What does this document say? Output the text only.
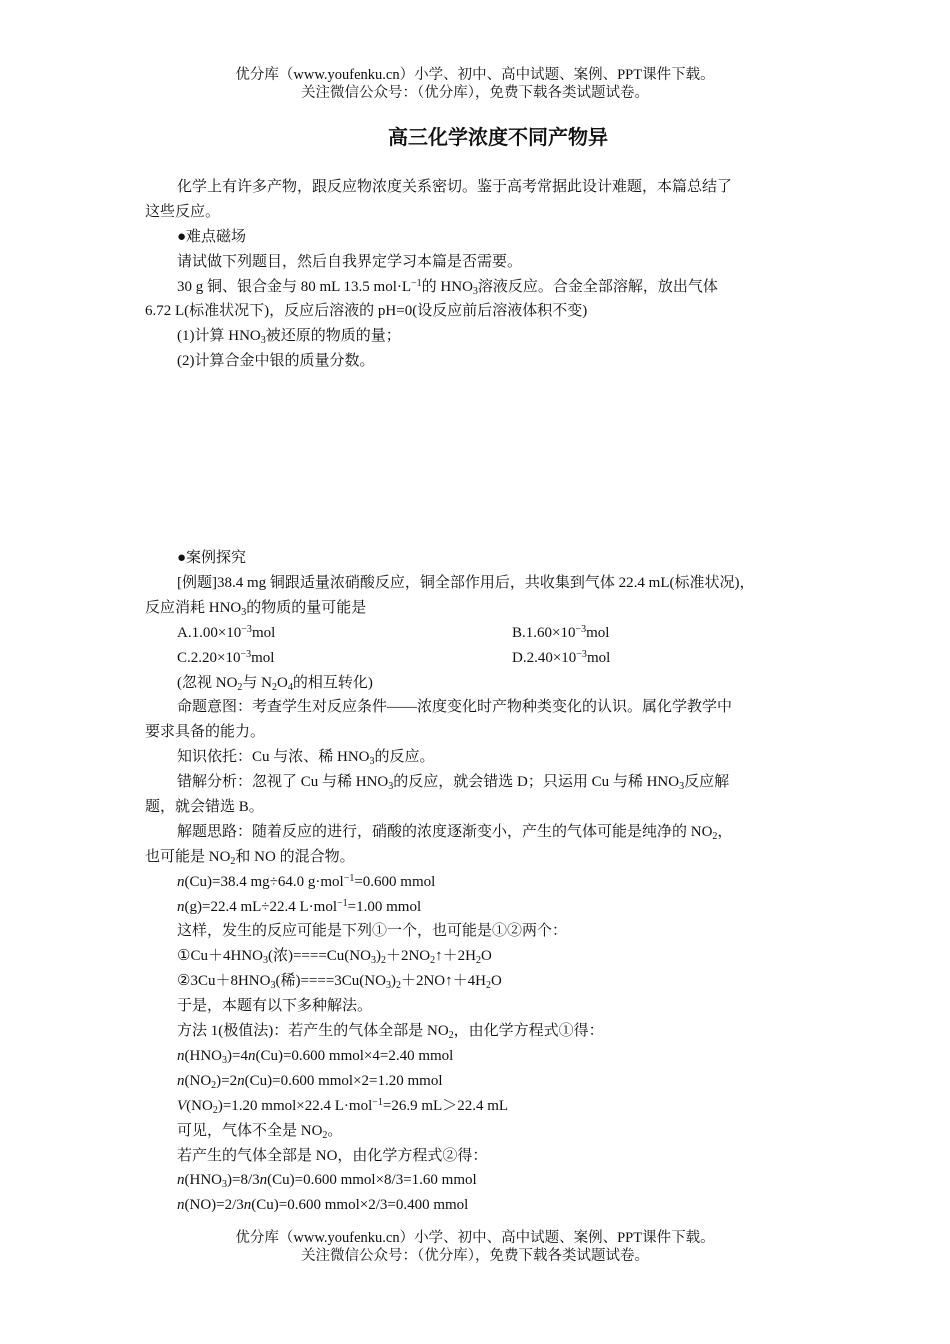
优分库（www.youfenku.cn）小学、初中、高中试题、案例、PPT课件下载。
关注微信公众号：（优分库），免费下载各类试题试卷。
高三化学浓度不同产物异
化学上有许多产物，跟反应物浓度关系密切。鉴于高考常据此设计难题，本篇总结了
这些反应。
●难点磁场
请试做下列题目，然后自我界定学习本篇是否需要。
30 g 铜、银合金与 80 mL 13.5 $mol\cdot L^{-1}$的 $HNO_3$溶液反应。合金全部溶解，放出气体
6.72 L(标准状况下)，反应后溶液的 pH=0(设反应前后溶液体积不变)
(1)计算 $HNO_3$被还原的物质的量；
(2)计算合金中银的质量分数。
●案例探究
[例题]38.4 mg 铜跟适量浓硝酸反应，铜全部作用后，共收集到气体 22.4 mL(标准状况)，
反应消耗 $HNO_3$的物质的量可能是
$A.1.00\times 10^{-3}mol$	$B.1.60\times 10^{-3}mol$
$C.2.20\times 10^{-3}mol$	$D.2.40\times 10^{-3}mol$
(忽视 $NO_2$与 $N_2O_4$的相互转化)
命题意图：考查学生对反应条件——浓度变化时产物种类变化的认识。属化学教学中
要求具备的能力。
知识依托：Cu 与浓、稀 $HNO_3$的反应。
错解分析：忽视了 Cu 与稀 $HNO_3$的反应，就会错选 D；只运用 Cu 与稀 $HNO_3$反应解
题，就会错选 B。
解题思路：随着反应的进行，硝酸的浓度逐渐变小，产生的气体可能是纯净的 $NO_2$，
也可能是 $NO_2$和 NO 的混合物。
n(Cu)=38.4 mg÷64.0 g·mol$^{-1}$=0.600 mmol
n(g)=22.4 mL÷22.4 L·mol$^{-1}$=1.00 mmol
这样，发生的反应可能是下列①一个，也可能是①②两个：
$①Cu+4HNO_3$(浓)$====Cu(NO_3)_2+2NO_2↑+2H_2O$
$②3Cu+8HNO_3$(稀)$====3Cu(NO_3)_2+2NO↑+4H_2O$
于是，本题有以下多种解法。
方法 1(极值法)：若产生的气体全部是 $NO_2$，由化学方程式①得：
$n(HNO_3)=4n(Cu)=0.600$ mmol×4=2.40 mmol
$n(NO_2)=2n(Cu)=0.600$ mmol×2=1.20 mmol
$V(NO_2)=1.20$ mmol×22.4 L·mol$^{-1}$=26.9 mL＞22.4 mL
可见，气体不全是 $NO_2$。
若产生的气体全部是 NO，由化学方程式②得：
$n(HNO_3)=8/3n(Cu)=0.600$ mmol×8/3=1.60 mmol
n(NO)=2/3n(Cu)=0.600 mmol×2/3=0.400 mmol
优分库（www.youfenku.cn）小学、初中、高中试题、案例、PPT课件下载。
关注微信公众号：（优分库），免费下载各类试题试卷。
